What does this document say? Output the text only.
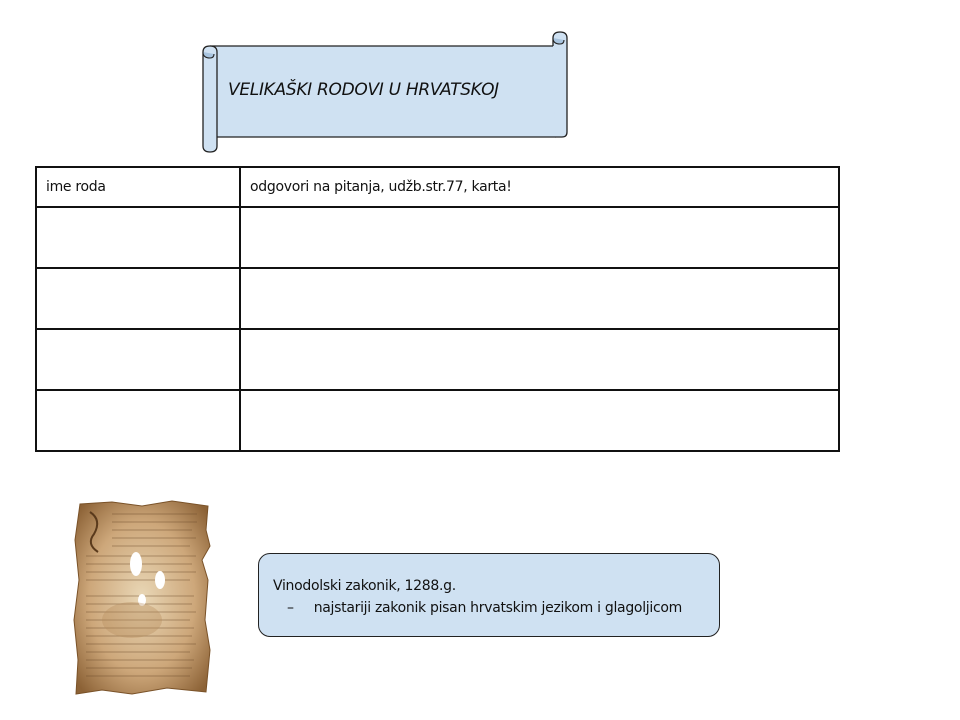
VELIKAŠKI RODOVI U HRVATSKOJ
ime roda	odgovori na pitanja, udžb.str.77, karta!

Vinodolski zakonik, 1288.g.
– najstariji zakonik pisan hrvatskim jezikom i glagoljicom
